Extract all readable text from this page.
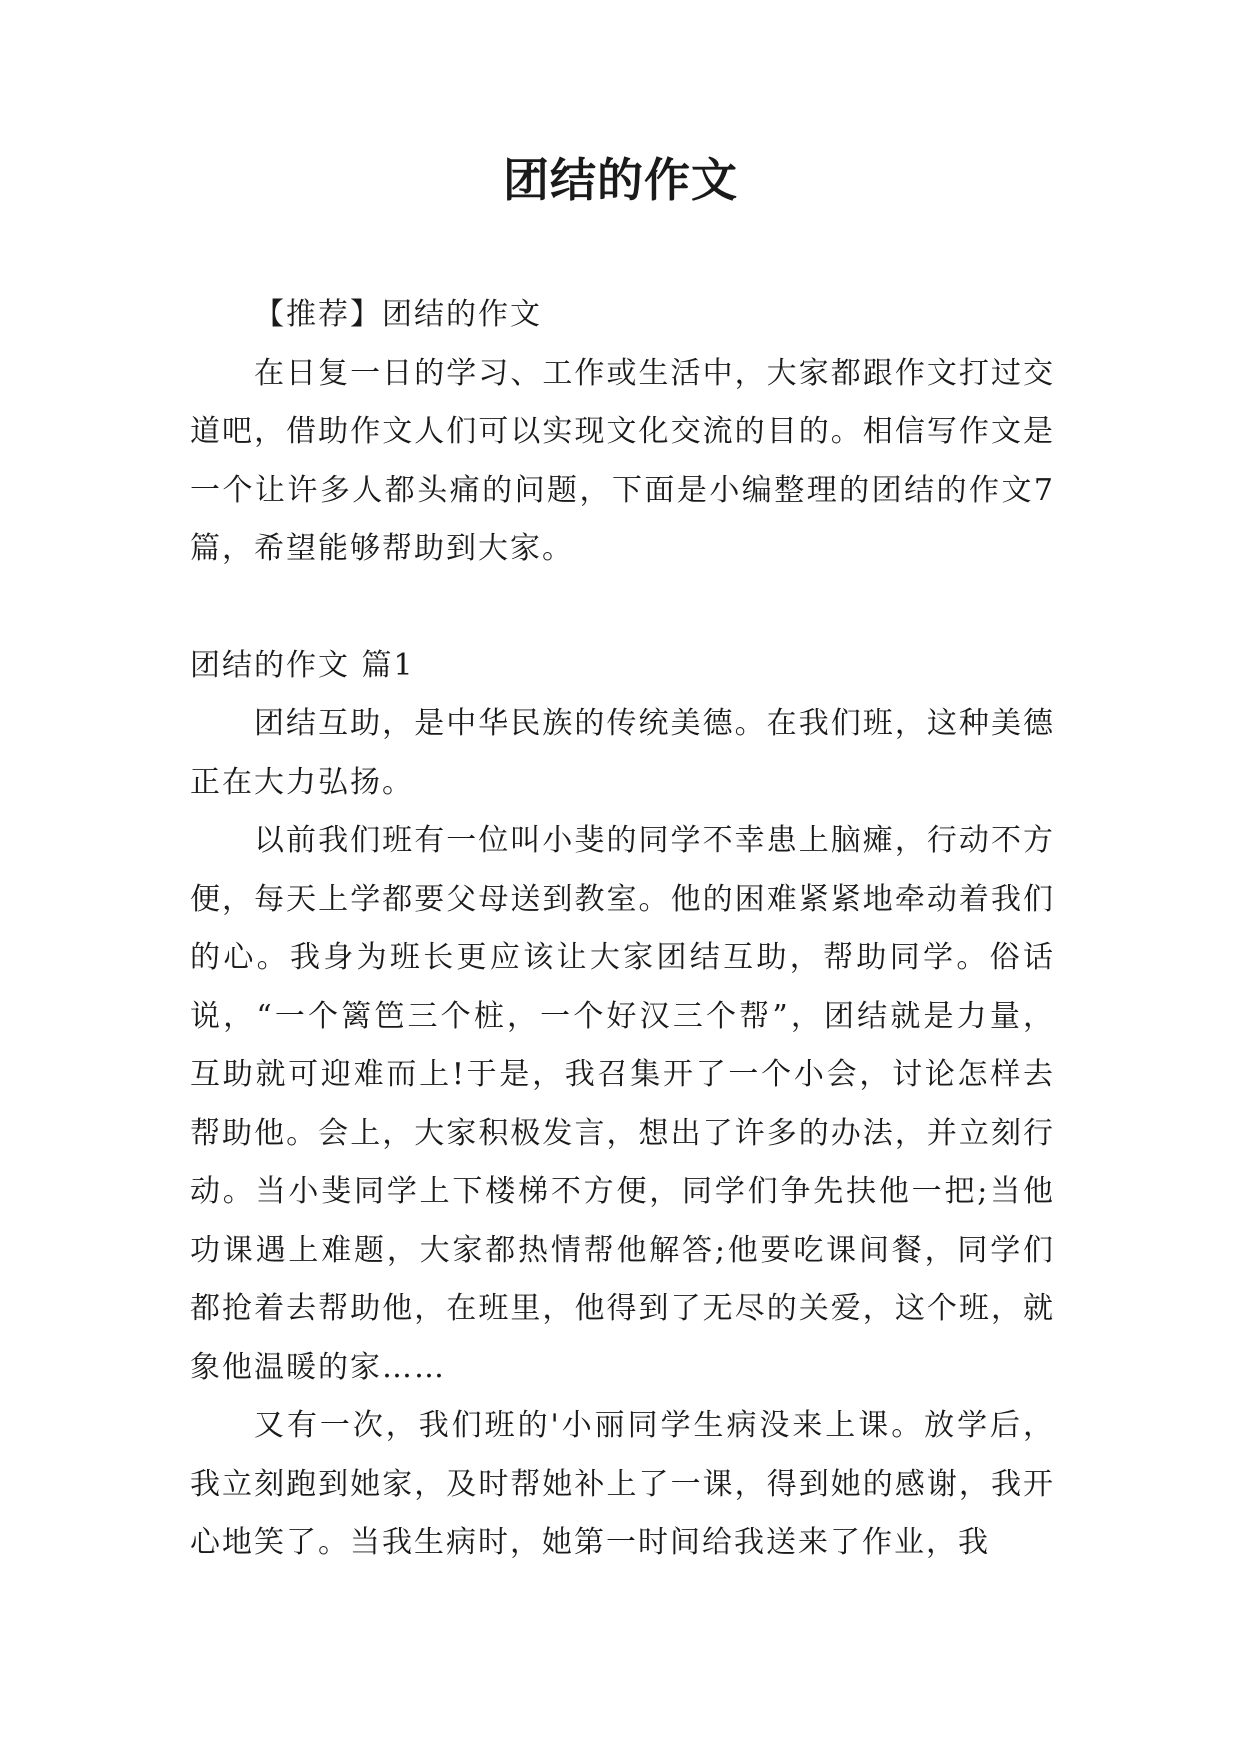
团结的作文

【推荐】团结的作文

在日复一日的学习、工作或生活中，大家都跟作文打过交道吧，借助作文人们可以实现文化交流的目的。相信写作文是一个让许多人都头痛的问题，下面是小编整理的团结的作文7篇，希望能够帮助到大家。

团结的作文 篇1

团结互助，是中华民族的传统美德。在我们班，这种美德正在大力弘扬。

以前我们班有一位叫小斐的同学不幸患上脑瘫，行动不方便，每天上学都要父母送到教室。他的困难紧紧地牵动着我们的心。我身为班长更应该让大家团结互助，帮助同学。俗话说，“一个篱笆三个桩，一个好汉三个帮”，团结就是力量，互助就可迎难而上!于是，我召集开了一个小会，讨论怎样去帮助他。会上，大家积极发言，想出了许多的办法，并立刻行动。当小斐同学上下楼梯不方便，同学们争先扶他一把;当他功课遇上难题，大家都热情帮他解答;他要吃课间餐，同学们都抢着去帮助他，在班里，他得到了无尽的关爱，这个班，就象他温暖的家……

又有一次，我们班的'小丽同学生病没来上课。放学后，我立刻跑到她家，及时帮她补上了一课，得到她的感谢，我开心地笑了。当我生病时，她第一时间给我送来了作业，我
